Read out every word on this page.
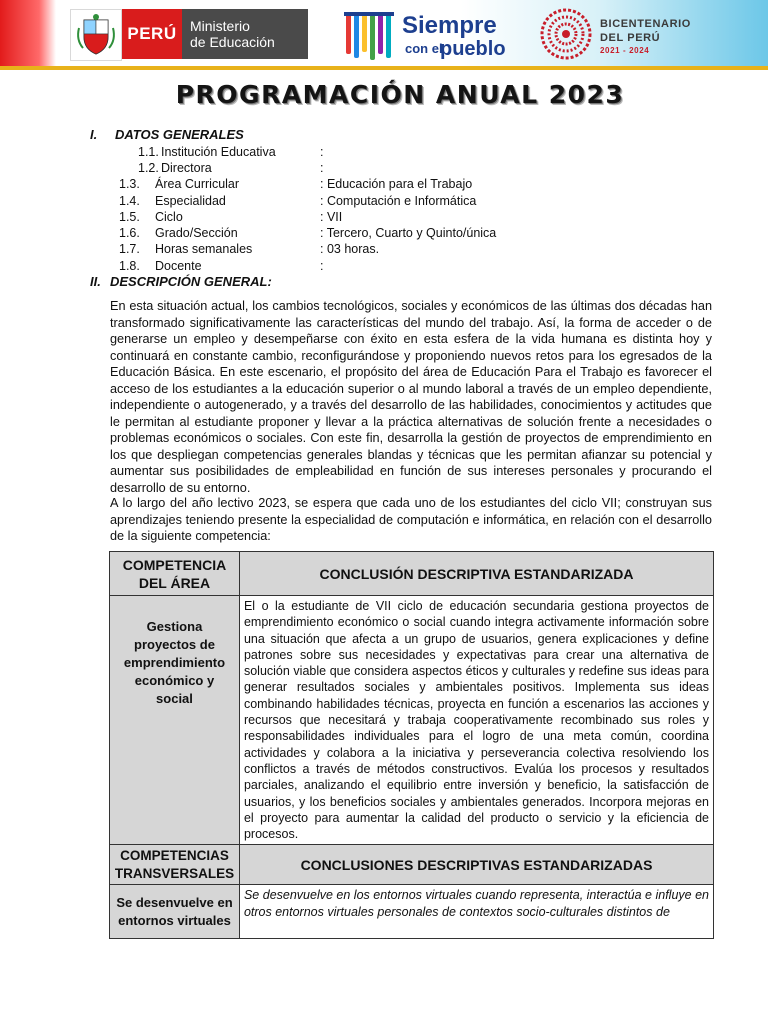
PERÚ Ministerio
de Educación
Siempre
con el
pueblo
BICENTENARIO
DEL PERÚ
2021 - 2024
PROGRAMACIÓN ANUAL 2023
I. DATOS GENERALES
1.1. Institución Educativa	:
1.2. Directora	:
1.3. Área Curricular	: Educación para el Trabajo
1.4. Especialidad	: Computación e Informática
1.5. Ciclo	: VII
1.6. Grado/Sección	: Tercero, Cuarto y Quinto/única
1.7. Horas semanales	: 03 horas.
1.8. Docente	:
II. DESCRIPCIÓN GENERAL:
En esta situación actual, los cambios tecnológicos, sociales y económicos de las últimas dos décadas han transformado significativamente las características del mundo del trabajo. Así, la forma de acceder o de generarse un empleo y desempeñarse con éxito en esta esfera de la vida humana es distinta hoy y continuará en constante cambio, reconfigurándose y proponiendo nuevos retos para los egresados de la Educación Básica. En este escenario, el propósito del área de Educación Para el Trabajo es favorecer el acceso de los estudiantes a la educación superior o al mundo laboral a través de un empleo dependiente, independiente o autogenerado, y a través del desarrollo de las habilidades, conocimientos y actitudes que le permitan al estudiante proponer y llevar a la práctica alternativas de solución frente a necesidades o problemas económicos o sociales. Con este fin, desarrolla la gestión de proyectos de emprendimiento en los que despliegan competencias generales blandas y técnicas que les permitan afianzar su potencial y aumentar sus posibilidades de empleabilidad en función de sus intereses personales y procurando el desarrollo de su entorno.
A lo largo del año lectivo 2023, se espera que cada uno de los estudiantes del ciclo VII; construyan sus aprendizajes teniendo presente la especialidad de computación e informática, en relación con el desarrollo de la siguiente competencia:
COMPETENCIA DEL ÁREA	CONCLUSIÓN DESCRIPTIVA ESTANDARIZADA
Gestiona proyectos de emprendimiento económico y social	El o la estudiante de VII ciclo de educación secundaria gestiona proyectos de emprendimiento económico o social cuando integra activamente información sobre una situación que afecta a un grupo de usuarios, genera explicaciones y define patrones sobre sus necesidades y expectativas para crear una alternativa de solución viable que considera aspectos éticos y culturales y redefine sus ideas para generar resultados sociales y ambientales positivos. Implementa sus ideas combinando habilidades técnicas, proyecta en función a escenarios las acciones y recursos que necesitará y trabaja cooperativamente recombinado sus roles y responsabilidades individuales para el logro de una meta común, coordina actividades y colabora a la iniciativa y perseverancia colectiva resolviendo los conflictos a través de métodos constructivos. Evalúa los procesos y resultados parciales, analizando el equilibrio entre inversión y beneficio, la satisfacción de usuarios, y los beneficios sociales y ambientales generados. Incorpora mejoras en el proyecto para aumentar la calidad del producto o servicio y la eficiencia de procesos.
COMPETENCIAS TRANSVERSALES	CONCLUSIONES DESCRIPTIVAS ESTANDARIZADAS
Se desenvuelve en entornos virtuales	Se desenvuelve en los entornos virtuales cuando representa, interactúa e influye en otros entornos virtuales personales de contextos socio-culturales distintos de
